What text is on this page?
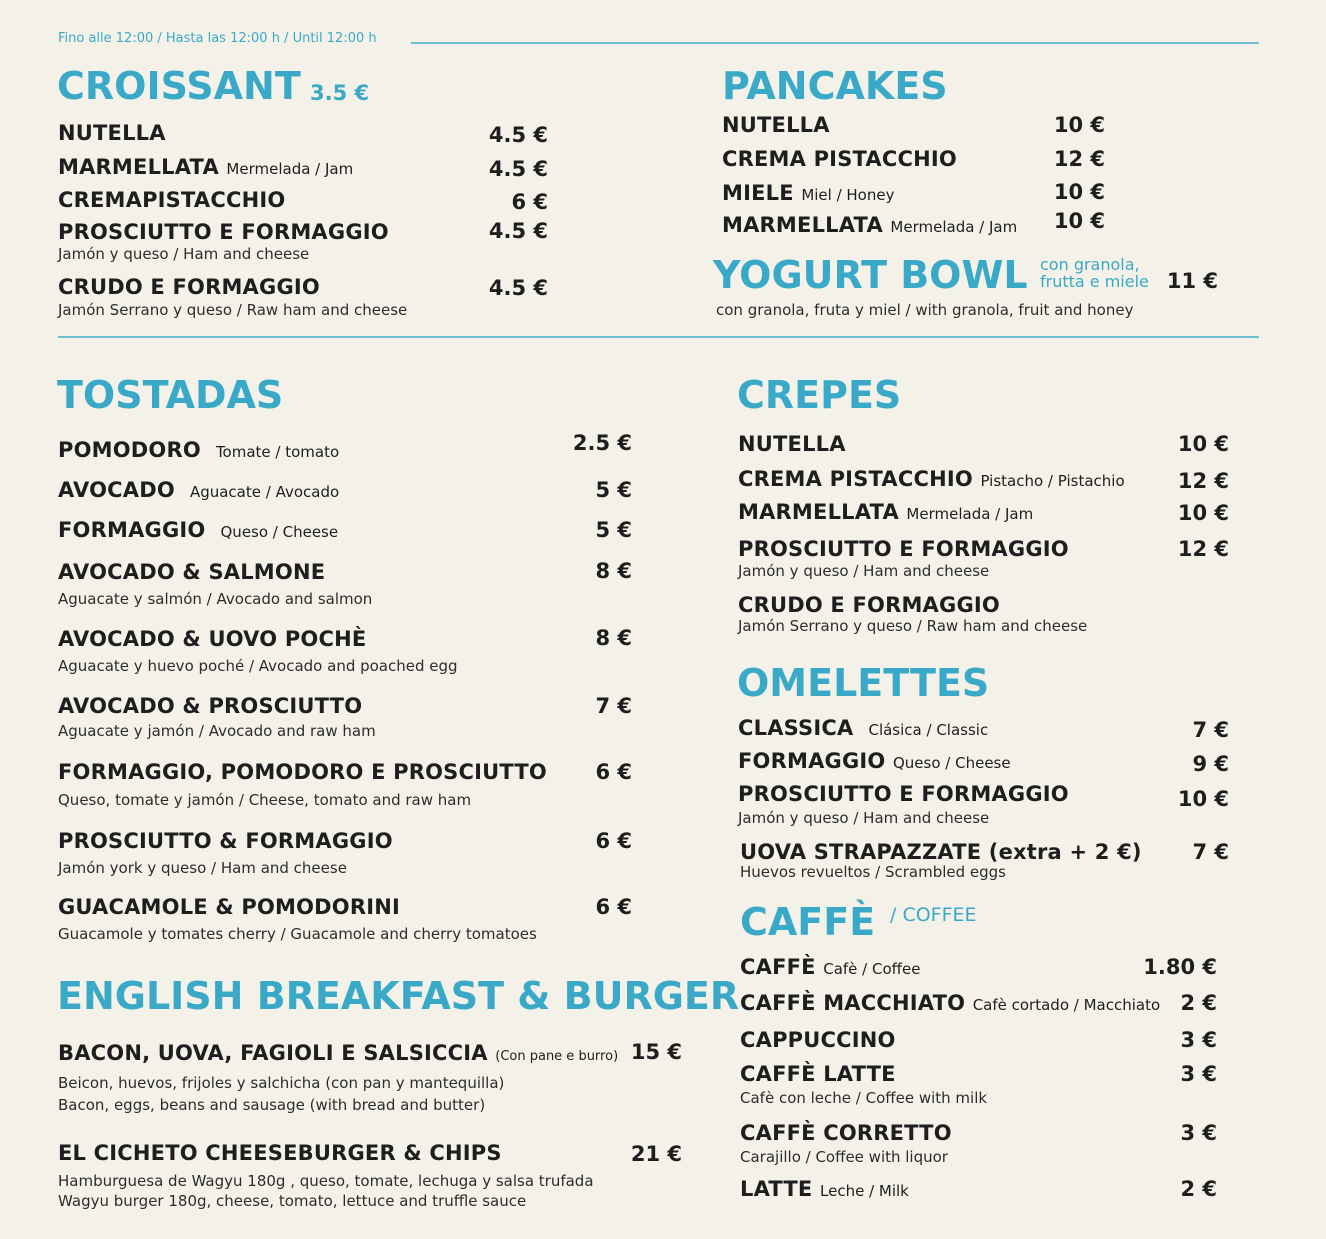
Fino alle 12:00 / Hasta las 12:00 h / Until 12:00 h
CROISSANT 3.5 €
NUTELLA	4.5 €
MARMELLATA Mermelada / Jam	4.5 €
CREMAPISTACCHIO	6 €
PROSCIUTTO E FORMAGGIO	4.5 €
Jamón y queso / Ham and cheese
CRUDO E FORMAGGIO	4.5 €
Jamón Serrano y queso / Raw ham and cheese
PANCAKES
NUTELLA	10 €
CREMA PISTACCHIO	12 €
MIELE Miel / Honey	10 €
MARMELLATA Mermelada / Jam	10 €
YOGURT BOWL con granola, frutta e miele 11 €
con granola, fruta y miel / with granola, fruit and honey
TOSTADAS
POMODORO Tomate / tomato	2.5 €
AVOCADO Aguacate / Avocado	5 €
FORMAGGIO Queso / Cheese	5 €
AVOCADO & SALMONE	8 €
Aguacate y salmón / Avocado and salmon
AVOCADO & UOVO POCHÈ	8 €
Aguacate y huevo poché / Avocado and poached egg
AVOCADO & PROSCIUTTO	7 €
Aguacate y jamón / Avocado and raw ham
FORMAGGIO, POMODORO E PROSCIUTTO	6 €
Queso, tomate y jamón / Cheese, tomato and raw ham
PROSCIUTTO & FORMAGGIO	6 €
Jamón york y queso / Ham and cheese
GUACAMOLE & POMODORINI	6 €
Guacamole y tomates cherry / Guacamole and cherry tomatoes
ENGLISH BREAKFAST & BURGER
BACON, UOVA, FAGIOLI E SALSICCIA (Con pane e burro) 15 €
Beicon, huevos, frijoles y salchicha (con pan y mantequilla)
Bacon, eggs, beans and sausage (with bread and butter)
EL CICHETO CHEESEBURGER & CHIPS	21 €
Hamburguesa de Wagyu 180g , queso, tomate, lechuga y salsa trufada
Wagyu burger 180g, cheese, tomato, lettuce and truffle sauce
CREPES
NUTELLA	10 €
CREMA PISTACCHIO Pistacho / Pistachio	12 €
MARMELLATA Mermelada / Jam	10 €
PROSCIUTTO E FORMAGGIO	12 €
Jamón y queso / Ham and cheese
CRUDO E FORMAGGIO
Jamón Serrano y queso / Raw ham and cheese
OMELETTES
CLASSICA Clásica / Classic	7 €
FORMAGGIO Queso / Cheese	9 €
PROSCIUTTO E FORMAGGIO	10 €
Jamón y queso / Ham and cheese
UOVA STRAPAZZATE (extra + 2 €)	7 €
Huevos revueltos / Scrambled eggs
CAFFÈ / COFFEE
CAFFÈ Cafè / Coffee	1.80 €
CAFFÈ MACCHIATO Cafè cortado / Macchiato 2 €
CAPPUCCINO	3 €
CAFFÈ LATTE	3 €
Cafè con leche / Coffee with milk
CAFFÈ CORRETTO	3 €
Carajillo / Coffee with liquor
LATTE Leche / Milk	2 €
